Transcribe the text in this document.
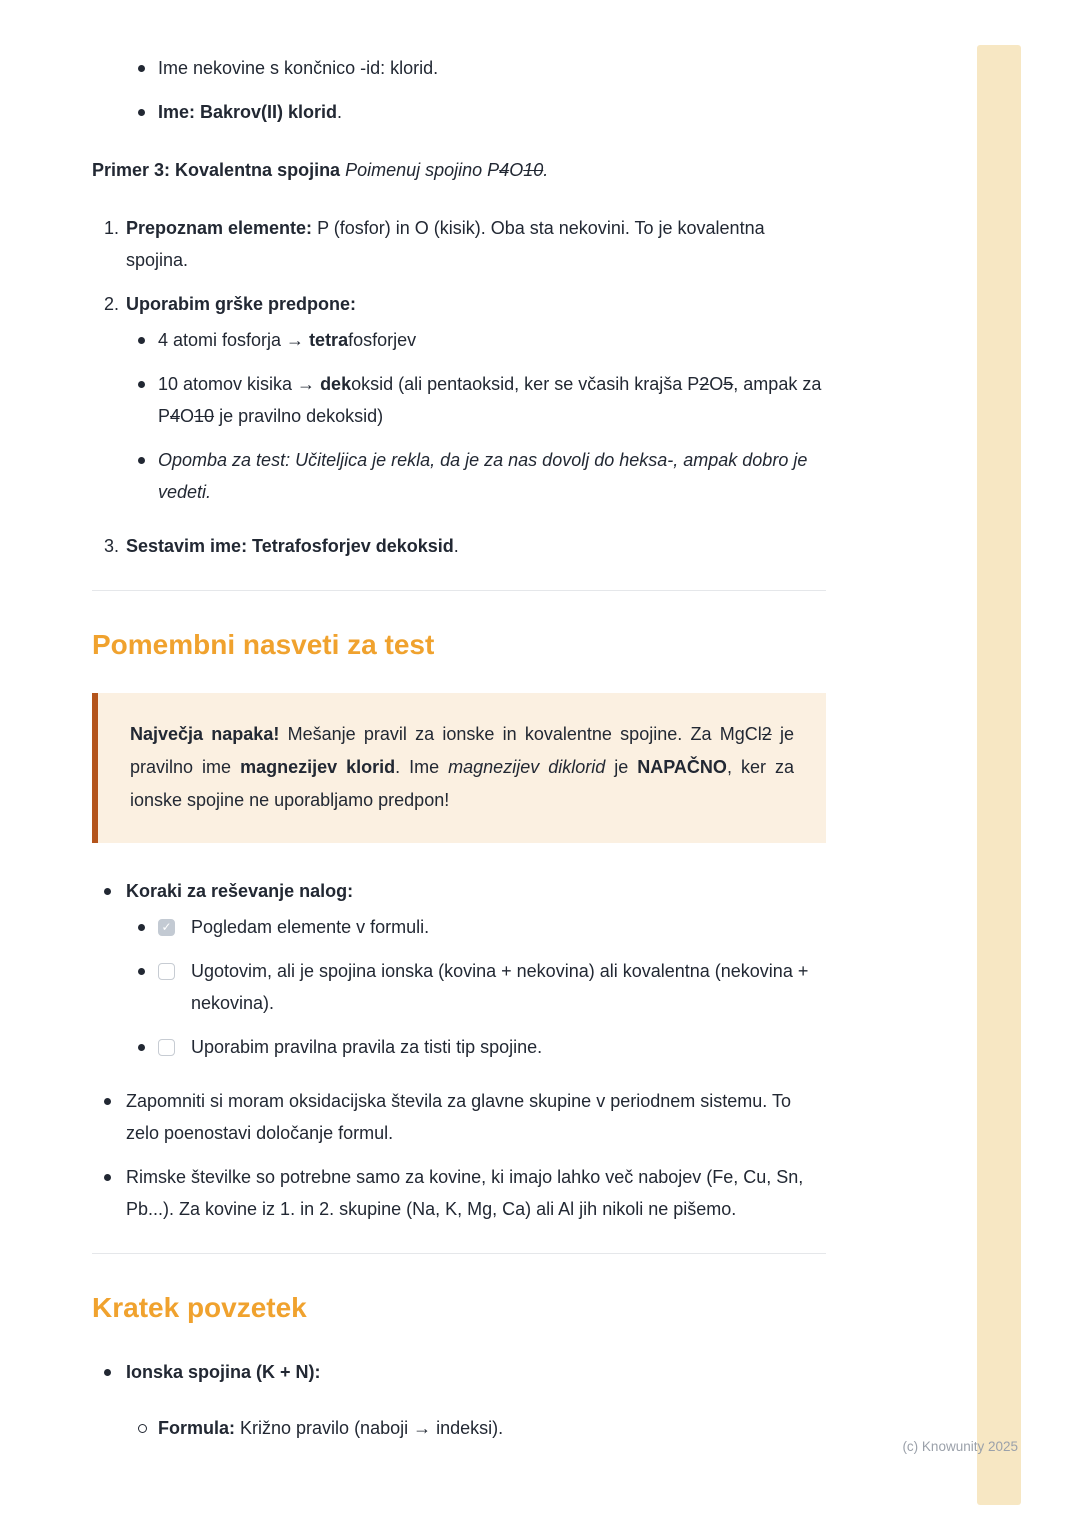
Ime nekovine s končnico -id: klorid.
Ime: Bakrov(II) klorid.

Primer 3: Kovalentna spojina Poimenuj spojino P4O10.

1. Prepoznam elemente: P (fosfor) in O (kisik). Oba sta nekovini. To je kovalentna spojina.
2. Uporabim grške predpone:
4 atomi fosforja → tetrafosforjev
10 atomov kisika → dekoksid (ali pentaoksid, ker se včasih krajša P2O5, ampak za P4O10 je pravilno dekoksid)
Opomba za test: Učiteljica je rekla, da je za nas dovolj do heksa-, ampak dobro je vedeti.
3. Sestavim ime: Tetrafosforjev dekoksid.
Pomembni nasveti za test

Največja napaka! Mešanje pravil za ionske in kovalentne spojine. Za MgCl2 je pravilno ime magnezijev klorid. Ime magnezijev diklorid je NAPAČNO, ker za ionske spojine ne uporabljamo predpon!

Koraki za reševanje nalog:
✓ Pogledam elemente v formuli.
Ugotovim, ali je spojina ionska (kovina + nekovina) ali kovalentna (nekovina + nekovina).
Uporabim pravilna pravila za tisti tip spojine.
Zapomniti si moram oksidacijska števila za glavne skupine v periodnem sistemu. To zelo poenostavi določanje formul.
Rimske številke so potrebne samo za kovine, ki imajo lahko več nabojev (Fe, Cu, Sn, Pb...). Za kovine iz 1. in 2. skupine (Na, K, Mg, Ca) ali Al jih nikoli ne pišemo.
Kratek povzetek
Ionska spojina (K + N):
Formula: Križno pravilo (naboji → indeksi).
(c) Knowunity 2025
